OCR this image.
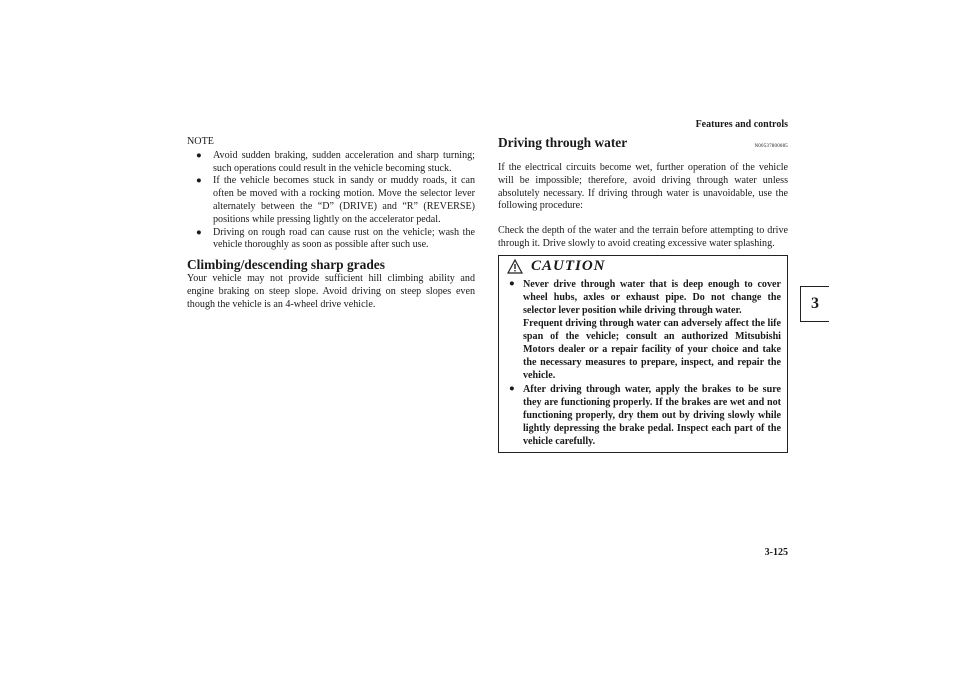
Features and controls
3
NOTE
● Avoid sudden braking, sudden acceleration and sharp turning; such operations could result in the vehicle becoming stuck.
● If the vehicle becomes stuck in sandy or muddy roads, it can often be moved with a rocking motion. Move the selector lever alternately between the “D” (DRIVE) and “R” (REVERSE) positions while pressing lightly on the accelerator pedal.
● Driving on rough road can cause rust on the vehicle; wash the vehicle thoroughly as soon as possible after such use.
Climbing/descending sharp grades

Your vehicle may not provide sufficient hill climbing ability and engine braking on steep slope. Avoid driving on steep slopes even though the vehicle is an 4-wheel drive vehicle.

Driving through water	N00537800085

If the electrical circuits become wet, further operation of the vehicle will be impossible; therefore, avoid driving through water unless absolutely necessary. If driving through water is unavoidable, use the following procedure:

Check the depth of the water and the terrain before attempting to drive through it. Drive slowly to avoid creating excessive water splashing.

CAUTION
● Never drive through water that is deep enough to cover wheel hubs, axles or exhaust pipe. Do not change the selector lever position while driving through water.
Frequent driving through water can adversely affect the life span of the vehicle; consult an authorized Mitsubishi Motors dealer or a repair facility of your choice and take the necessary measures to prepare, inspect, and repair the vehicle.
● After driving through water, apply the brakes to be sure they are functioning properly. If the brakes are wet and not functioning properly, dry them out by driving slowly while lightly depressing the brake pedal. Inspect each part of the vehicle carefully.
3-125
